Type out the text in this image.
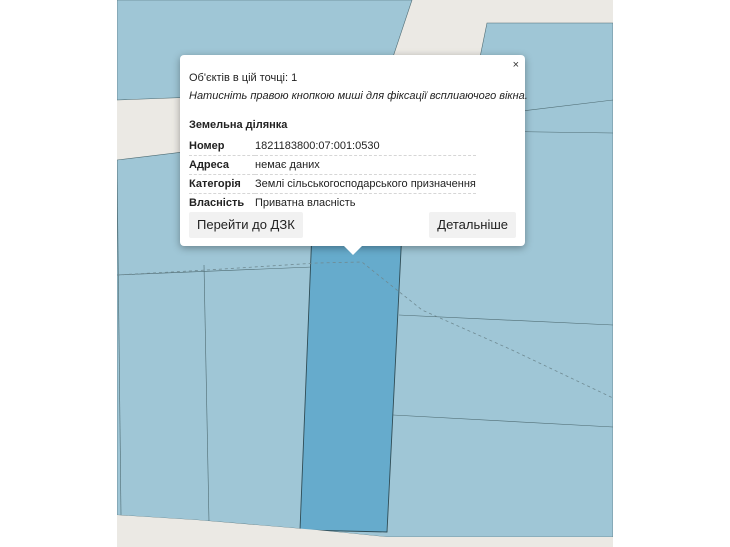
×
Об'єктів в цій точці: 1
Натисніть правою кнопкою миші для фіксації всплиаючого вікна.
Земельна ділянка
Номер	1821183800:07:001:0530
Адреса	немає даних
Категорія	Землі сільськогосподарського призначення
Власність	Приватна власність
Перейти до ДЗК	Детальніше
